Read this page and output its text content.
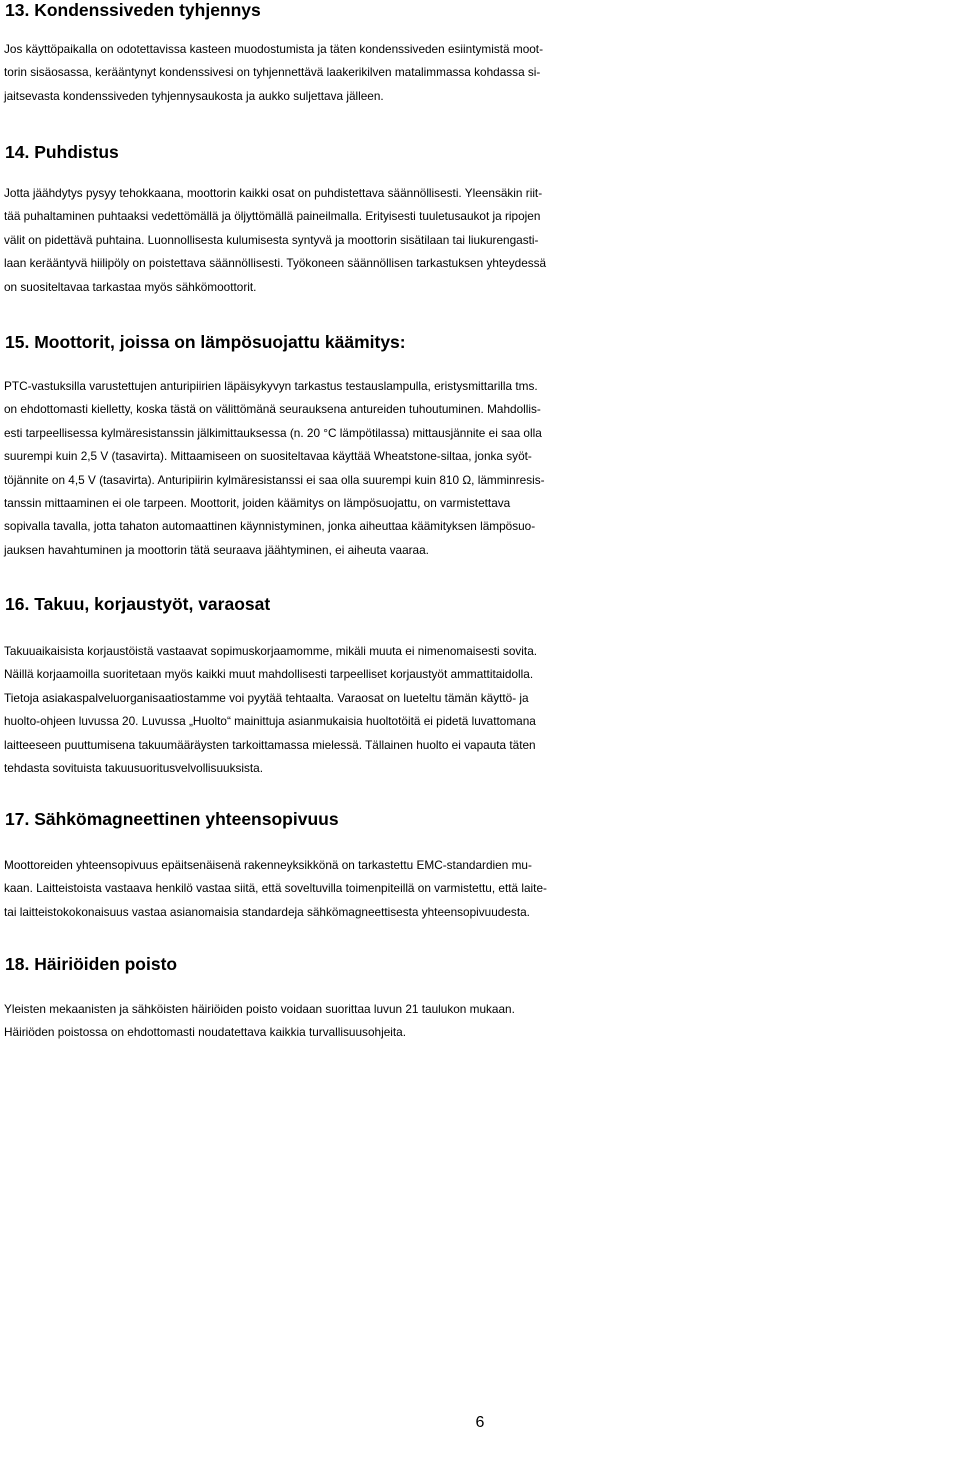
13. Kondenssiveden tyhjennys
Jos käyttöpaikalla on odotettavissa kasteen muodostumista ja täten kondenssiveden esiintymistä moot-
torin sisäosassa, kerääntynyt kondenssivesi on tyhjennettävä laakerikilven matalimmassa kohdassa si-
jaitsevasta kondenssiveden tyhjennysaukosta ja aukko suljettava jälleen.
14. Puhdistus
Jotta jäähdytys pysyy tehokkaana, moottorin kaikki osat on puhdistettava säännöllisesti. Yleensäkin riit-
tää puhaltaminen puhtaaksi vedettömällä ja öljyttömällä paineilmalla. Erityisesti tuuletusaukot ja ripojen
välit on pidettävä puhtaina. Luonnollisesta kulumisesta syntyvä ja moottorin sisätilaan tai liukurengasti-
laan kerääntyvä hiilipöly on poistettava säännöllisesti. Työkoneen säännöllisen tarkastuksen yhteydessä
on suositeltavaa tarkastaa myös sähkömoottorit.
15. Moottorit, joissa on lämpösuojattu käämitys:
PTC-vastuksilla varustettujen anturipiirien läpäisykyvyn tarkastus testauslampulla, eristysmittarilla tms.
on ehdottomasti kielletty, koska tästä on välittömänä seurauksena antureiden tuhoutuminen. Mahdollis-
esti tarpeellisessa kylmäresistanssin jälkimittauksessa (n. 20 °C lämpötilassa) mittausjännite ei saa olla
suurempi kuin 2,5 V (tasavirta). Mittaamiseen on suositeltavaa käyttää Wheatstone-siltaa, jonka syöt-
töjännite on 4,5 V (tasavirta). Anturipiirin kylmäresistanssi ei saa olla suurempi kuin 810 Ω, lämminresis-
tanssin mittaaminen ei ole tarpeen. Moottorit, joiden käämitys on lämpösuojattu, on varmistettava
sopivalla tavalla, jotta tahaton automaattinen käynnistyminen, jonka aiheuttaa käämityksen lämpösuo-
jauksen havahtuminen ja moottorin tätä seuraava jäähtyminen, ei aiheuta vaaraa.
16. Takuu, korjaustyöt, varaosat
Takuuaikaisista korjaustöistä vastaavat sopimuskorjaamomme, mikäli muuta ei nimenomaisesti sovita.
Näillä korjaamoilla suoritetaan myös kaikki muut mahdollisesti tarpeelliset korjaustyöt ammattitaidolla.
Tietoja asiakaspalveluorganisaatiostamme voi pyytää tehtaalta. Varaosat on lueteltu tämän käyttö- ja
huolto-ohjeen luvussa 20. Luvussa „Huolto“ mainittuja asianmukaisia huoltotöitä ei pidetä luvattomana
laitteeseen puuttumisena takuumääräysten tarkoittamassa mielessä. Tällainen huolto ei vapauta täten
tehdasta sovituista takuusuoritusvelvollisuuksista.
17. Sähkömagneettinen yhteensopivuus
Moottoreiden yhteensopivuus epäitsenäisenä rakenneyksikkönä on tarkastettu EMC-standardien mu-
kaan. Laitteistoista vastaava henkilö vastaa siitä, että soveltuvilla toimenpiteillä on varmistettu, että laite-
tai laitteistokokonaisuus vastaa asianomaisia standardeja sähkömagneettisesta yhteensopivuudesta.
18. Häiriöiden poisto
Yleisten mekaanisten ja sähköisten häiriöiden poisto voidaan suorittaa luvun 21 taulukon mukaan.
Häiriöden poistossa on ehdottomasti noudatettava kaikkia turvallisuusohjeita.
6
